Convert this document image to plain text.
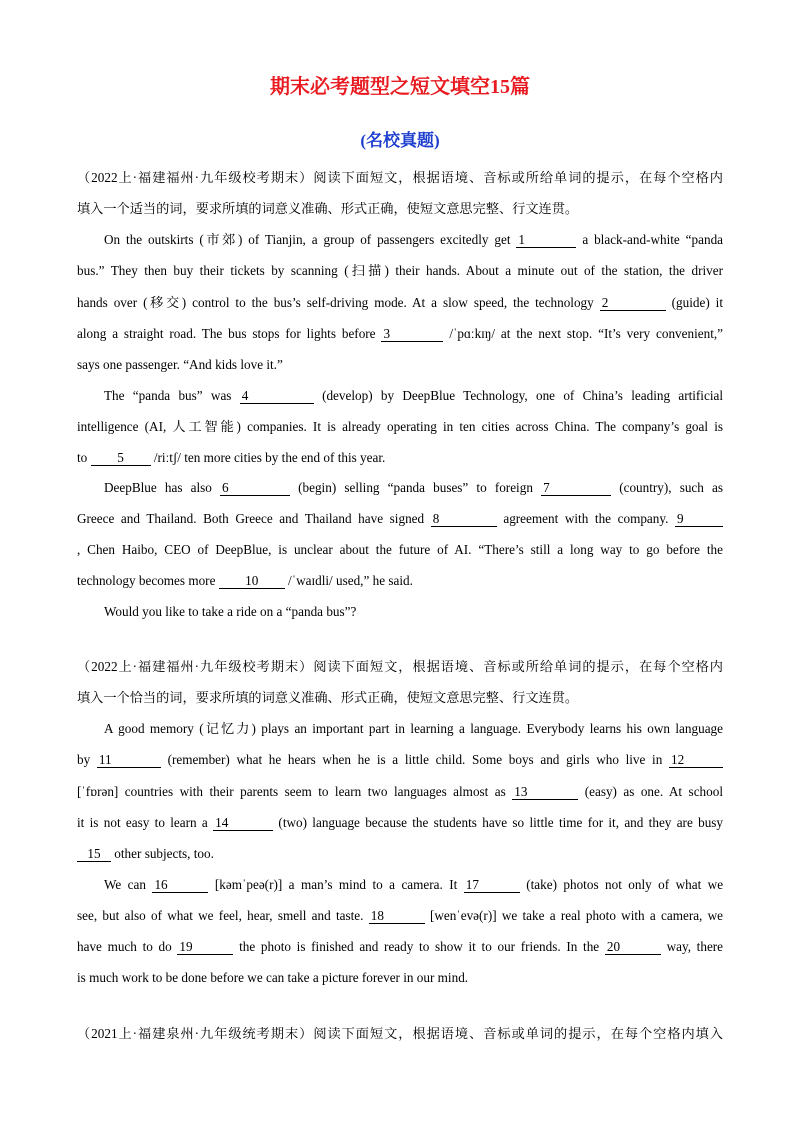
期末必考题型之短文填空15篇
(名校真题)
（2022上·福建福州·九年级校考期末）阅读下面短文，根据语境、音标或所给单词的提示，在每个空格内
填入一个适当的词，要求所填的词意义准确、形式正确，使短文意思完整、行文连贯。
On the outskirts (市郊) of Tianjin, a group of passengers excitedly get 1	a black-and-white “panda
bus.” They then buy their tickets by scanning (扫描) their hands. About a minute out of the station, the driver
hands over (移交) control to the bus’s self-driving mode. At a slow speed, the technology 2	(guide) it
along a straight road. The bus stops for lights before 3	/ˈpɑːkɪŋ/ at the next stop. “It’s very convenient,”
says one passenger. “And kids love it.”
The “panda bus” was 4	(develop) by DeepBlue Technology, one of China’s leading artificial
intelligence (AI, 人工智能) companies. It is already operating in ten cities across China. The company’s goal is
to 5 /riːtʃ/ ten more cities by the end of this year.
DeepBlue has also 6	(begin) selling “panda buses” to foreign 7	(country), such as
Greece and Thailand. Both Greece and Thailand have signed 8	agreement with the company. 9
, Chen Haibo, CEO of DeepBlue, is unclear about the future of AI. “There’s still a long way to go before the
technology becomes more 10 /ˈwaɪdli/ used,” he said.
Would you like to take a ride on a “panda bus”?
（2022上·福建福州·九年级校考期末）阅读下面短文，根据语境、音标或所给单词的提示，在每个空格内
填入一个恰当的词，要求所填的词意义准确、形式正确，使短文意思完整、行文连贯。
A good memory (记忆力) plays an important part in learning a language. Everybody learns his own language
by 11	(remember) what he hears when he is a little child. Some boys and girls who live in 12
[ˈfɒrən] countries with their parents seem to learn two languages almost as 13	(easy) as one. At school
it is not easy to learn a 14	(two) language because the students have so little time for it, and they are busy
15 other subjects, too.
We can 16	[kəmˈpeə(r)] a man’s mind to a camera. It 17	(take) photos not only of what we
see, but also of what we feel, hear, smell and taste. 18	[wenˈevə(r)] we take a real photo with a camera, we
have much to do 19	the photo is finished and ready to show it to our friends. In the 20	way, there
is much work to be done before we can take a picture forever in our mind.
（2021上·福建泉州·九年级统考期末）阅读下面短文，根据语境、音标或单词的提示，在每个空格内填入
